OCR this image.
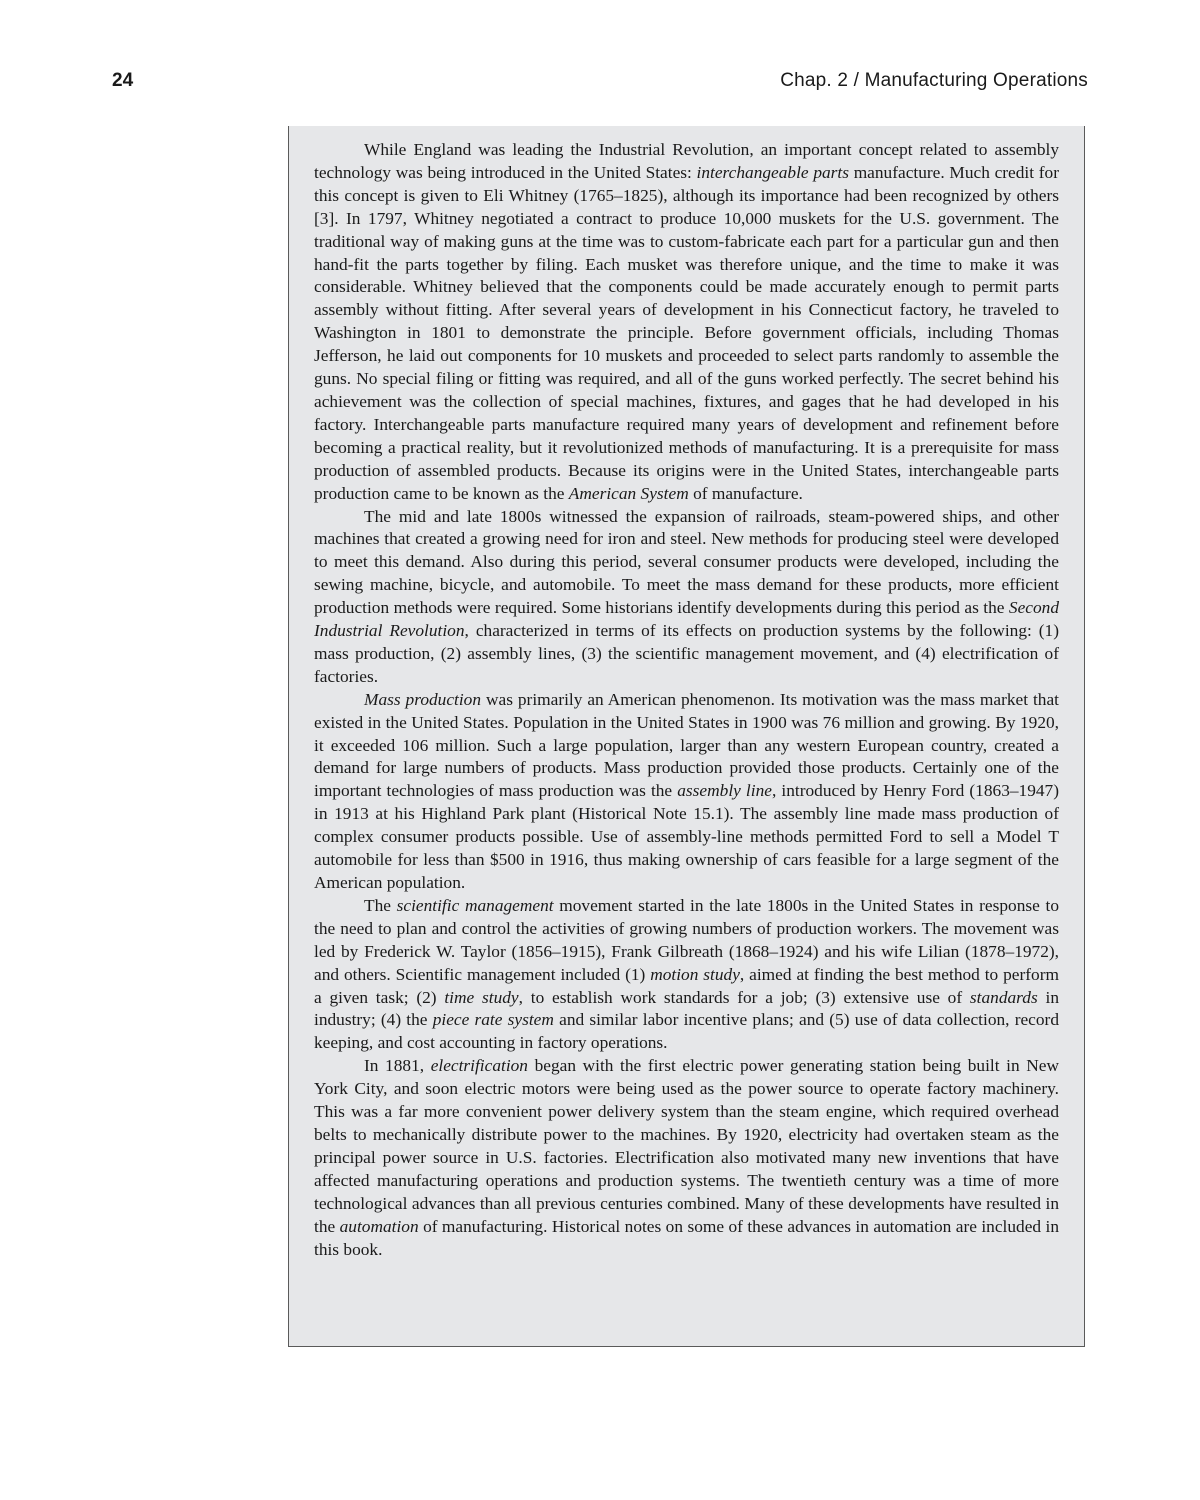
24	Chap. 2 / Manufacturing Operations

While England was leading the Industrial Revolution, an important concept related to assembly technology was being introduced in the United States: interchangeable parts manufacture. Much credit for this concept is given to Eli Whitney (1765–1825), although its importance had been recognized by others [3]. In 1797, Whitney negotiated a contract to produce 10,000 muskets for the U.S. government. The traditional way of making guns at the time was to custom-fabricate each part for a particular gun and then hand-fit the parts together by filing. Each musket was therefore unique, and the time to make it was considerable. Whitney believed that the components could be made accurately enough to permit parts assembly without fitting. After several years of development in his Connecticut factory, he traveled to Washington in 1801 to demonstrate the principle. Before government officials, including Thomas Jefferson, he laid out components for 10 muskets and proceeded to select parts randomly to assemble the guns. No special filing or fitting was required, and all of the guns worked perfectly. The secret behind his achievement was the collection of special machines, fixtures, and gages that he had developed in his factory. Interchangeable parts manufacture required many years of development and refinement before becoming a practical reality, but it revolutionized methods of manufacturing. It is a prerequisite for mass production of assembled products. Because its origins were in the United States, interchangeable parts production came to be known as the American System of manufacture.

The mid and late 1800s witnessed the expansion of railroads, steam-powered ships, and other machines that created a growing need for iron and steel. New methods for producing steel were developed to meet this demand. Also during this period, several consumer products were developed, including the sewing machine, bicycle, and automobile. To meet the mass demand for these products, more efficient production methods were required. Some historians identify developments during this period as the Second Industrial Revolution, characterized in terms of its effects on production systems by the following: (1) mass production, (2) assembly lines, (3) the scientific management movement, and (4) electrification of factories.

Mass production was primarily an American phenomenon. Its motivation was the mass market that existed in the United States. Population in the United States in 1900 was 76 million and growing. By 1920, it exceeded 106 million. Such a large population, larger than any western European country, created a demand for large numbers of products. Mass production provided those products. Certainly one of the important technologies of mass production was the assembly line, introduced by Henry Ford (1863–1947) in 1913 at his Highland Park plant (Historical Note 15.1). The assembly line made mass production of complex consumer products possible. Use of assembly-line methods permitted Ford to sell a Model T automobile for less than $500 in 1916, thus making ownership of cars feasible for a large segment of the American population.

The scientific management movement started in the late 1800s in the United States in response to the need to plan and control the activities of growing numbers of production workers. The movement was led by Frederick W. Taylor (1856–1915), Frank Gilbreath (1868–1924) and his wife Lilian (1878–1972), and others. Scientific management included (1) motion study, aimed at finding the best method to perform a given task; (2) time study, to establish work standards for a job; (3) extensive use of standards in industry; (4) the piece rate system and similar labor incentive plans; and (5) use of data collection, record keeping, and cost accounting in factory operations.

In 1881, electrification began with the first electric power generating station being built in New York City, and soon electric motors were being used as the power source to operate factory machinery. This was a far more convenient power delivery system than the steam engine, which required overhead belts to mechanically distribute power to the machines. By 1920, electricity had overtaken steam as the principal power source in U.S. factories. Electrification also motivated many new inventions that have affected manufacturing operations and production systems. The twentieth century was a time of more technological advances than all previous centuries combined. Many of these developments have resulted in the automation of manufacturing. Historical notes on some of these advances in automation are included in this book.
